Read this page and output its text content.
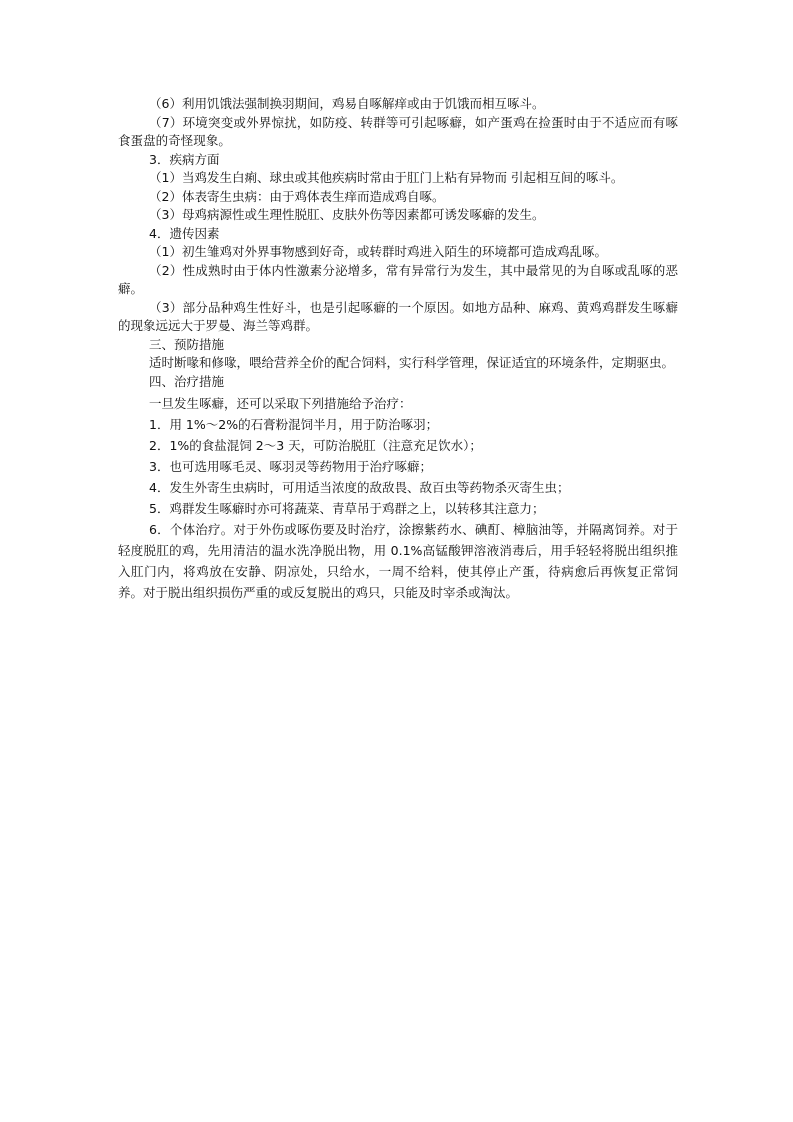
（6）利用饥饿法强制换羽期间，鸡易自啄解痒或由于饥饿而相互啄斗。

（7）环境突变或外界惊扰，如防疫、转群等可引起啄癖，如产蛋鸡在捡蛋时由于不适应而有啄食蛋盘的奇怪现象。

3．疾病方面

（1）当鸡发生白痢、球虫或其他疾病时常由于肛门上粘有异物而 引起相互间的啄斗。

（2）体表寄生虫病：由于鸡体表生痒而造成鸡自啄。

（3）母鸡病源性或生理性脱肛、皮肤外伤等因素都可诱发啄癖的发生。

4．遗传因素

（1）初生雏鸡对外界事物感到好奇，或转群时鸡进入陌生的环境都可造成鸡乱啄。

（2）性成熟时由于体内性激素分泌增多，常有异常行为发生，其中最常见的为自啄或乱啄的恶癖。

（3）部分品种鸡生性好斗，也是引起啄癖的一个原因。如地方品种、麻鸡、黄鸡鸡群发生啄癖的现象远远大于罗曼、海兰等鸡群。

三、预防措施

适时断喙和修喙，喂给营养全价的配合饲料，实行科学管理，保证适宜的环境条件，定期驱虫。

四、治疗措施

一旦发生啄癖，还可以采取下列措施给予治疗：

1．用 1%～2%的石膏粉混饲半月，用于防治啄羽；

2．1%的食盐混饲 2～3 天，可防治脱肛（注意充足饮水）；

3．也可选用啄毛灵、啄羽灵等药物用于治疗啄癖；

4．发生外寄生虫病时，可用适当浓度的敌敌畏、敌百虫等药物杀灭寄生虫；

5．鸡群发生啄癖时亦可将蔬菜、青草吊于鸡群之上，以转移其注意力；

6．个体治疗。对于外伤或啄伤要及时治疗，涂擦紫药水、碘酊、樟脑油等，并隔离饲养。对于轻度脱肛的鸡，先用清洁的温水洗净脱出物，用 0.1%高锰酸钾溶液消毒后，用手轻轻将脱出组织推入肛门内，将鸡放在安静、阴凉处，只给水，一周不给料，使其停止产蛋，待病愈后再恢复正常饲养。对于脱出组织损伤严重的或反复脱出的鸡只，只能及时宰杀或淘汰。
